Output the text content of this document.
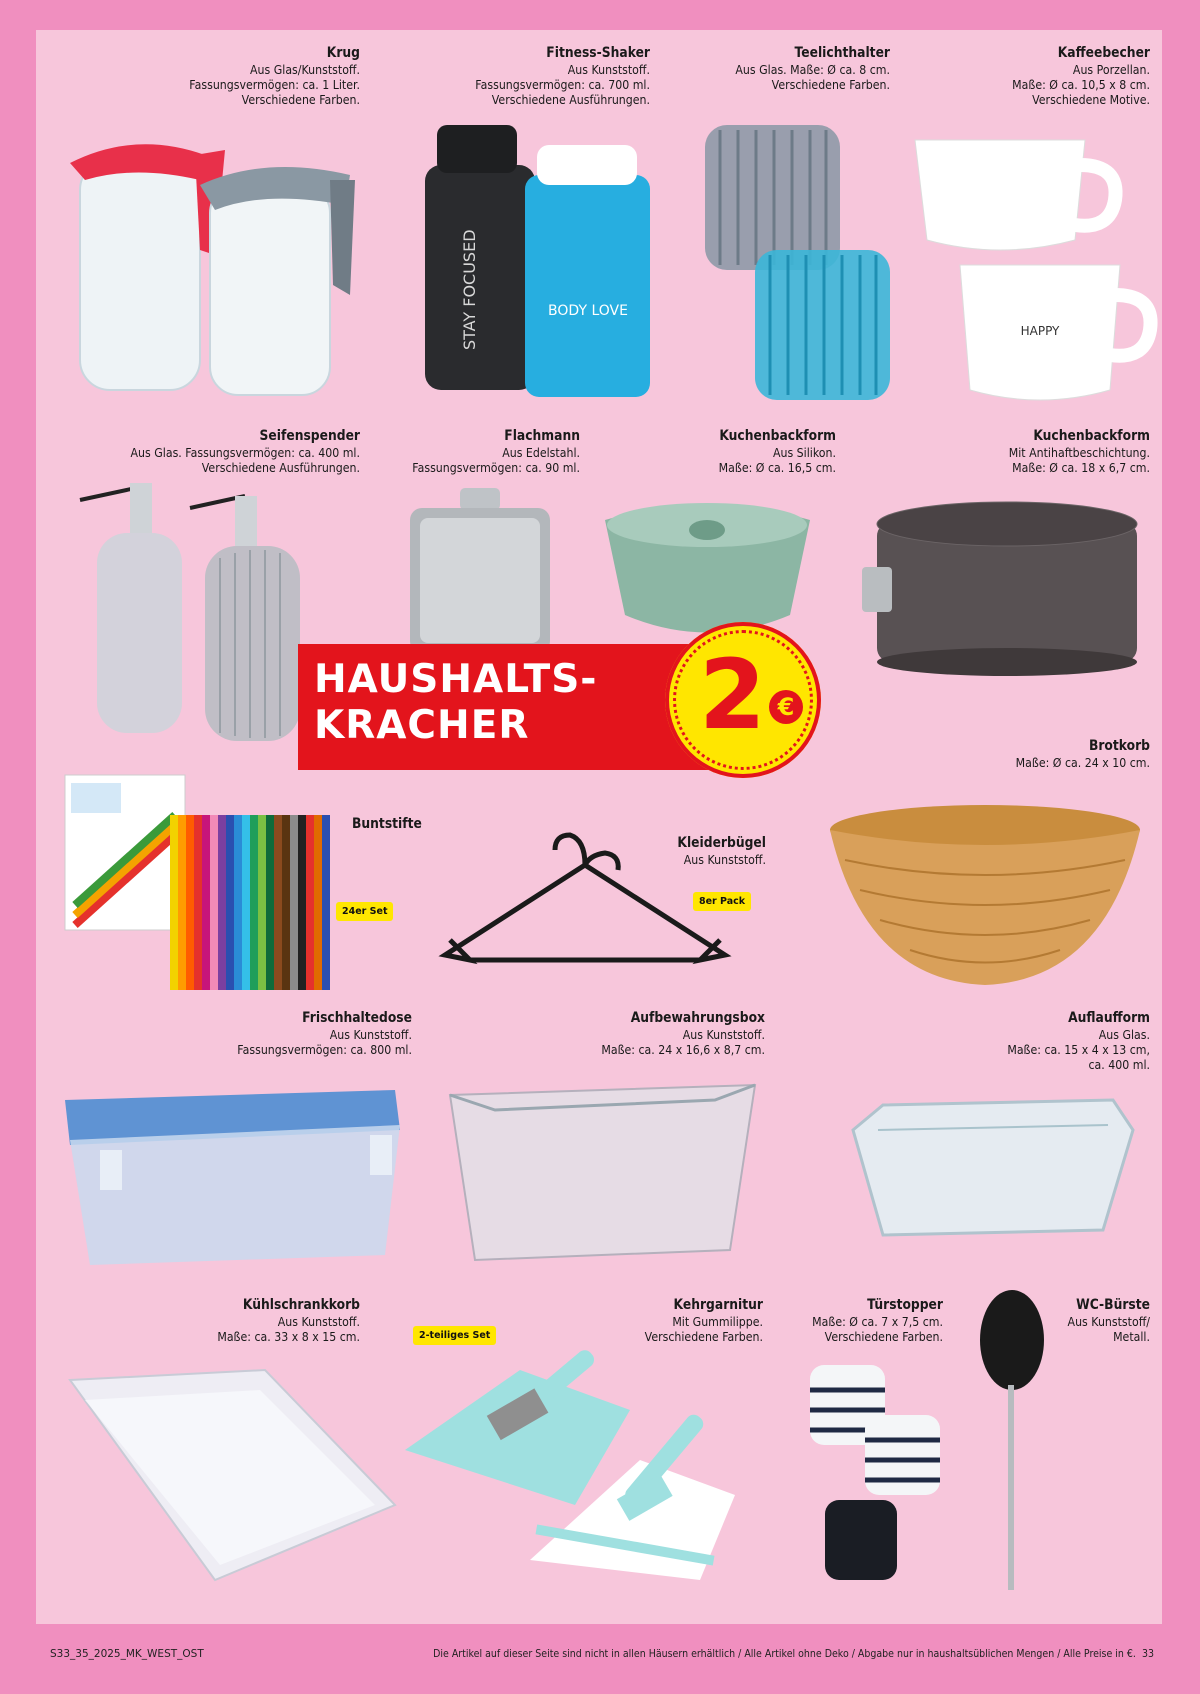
Krug
Aus Glas/Kunststoff.
Fassungsvermögen: ca. 1 Liter.
Verschiedene Farben.
Fitness-Shaker
Aus Kunststoff.
Fassungsvermögen: ca. 700 ml.
Verschiedene Ausführungen.
Teelichthalter
Aus Glas. Maße: Ø ca. 8 cm.
Verschiedene Farben.
Kaffeebecher
Aus Porzellan.
Maße: Ø ca. 10,5 x 8 cm.
Verschiedene Motive.
Seifenspender
Aus Glas. Fassungsvermögen: ca. 400 ml.
Verschiedene Ausführungen.
Flachmann
Aus Edelstahl.
Fassungsvermögen: ca. 90 ml.
Kuchenbackform
Aus Silikon.
Maße: Ø ca. 16,5 cm.
Kuchenbackform
Mit Antihaftbeschichtung.
Maße: Ø ca. 18 x 6,7 cm.
Brotkorb
Maße: Ø ca. 24 x 10 cm.
Buntstifte
Kleiderbügel
Aus Kunststoff.
Frischhaltedose
Aus Kunststoff.
Fassungsvermögen: ca. 800 ml.
Aufbewahrungsbox
Aus Kunststoff.
Maße: ca. 24 x 16,6 x 8,7 cm.
Auflaufform
Aus Glas.
Maße: ca. 15 x 4 x 13 cm,
ca. 400 ml.
Kühlschrankkorb
Aus Kunststoff.
Maße: ca. 33 x 8 x 15 cm.
Kehrgarnitur
Mit Gummilippe.
Verschiedene Farben.
Türstopper
Maße: Ø ca. 7 x 7,5 cm.
Verschiedene Farben.
WC-Bürste
Aus Kunststoff/
Metall.
24er Set
8er Pack
2-teiliges Set
STAY FOCUSED	BODY LOVE
HAPPY
HAUSHALTS-
KRACHER 2 €
S33_35_2025_MK_WEST_OST	Die Artikel auf dieser Seite sind nicht in allen Häusern erhältlich / Alle Artikel ohne Deko / Abgabe nur in haushaltsüblichen Mengen / Alle Preise in €. 33
